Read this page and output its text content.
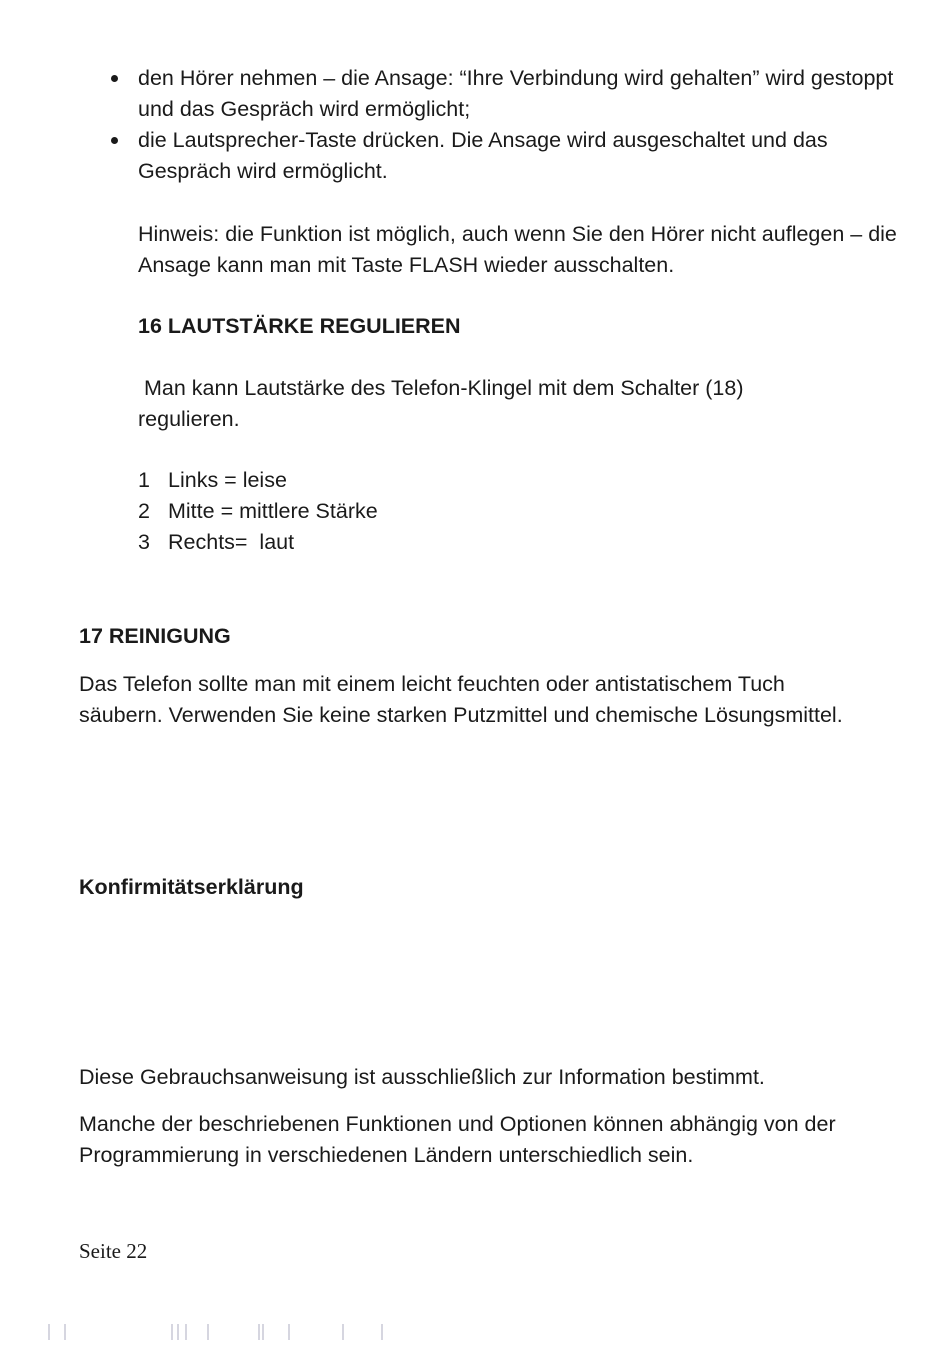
den Hörer nehmen – die Ansage: “Ihre Verbindung wird gehalten” wird gestoppt und das Gespräch wird ermöglicht;
die Lautsprecher-Taste drücken. Die Ansage wird ausgeschaltet und das Gespräch wird ermöglicht.

Hinweis: die Funktion ist möglich, auch wenn Sie den Hörer nicht auflegen – die Ansage kann man mit Taste FLASH wieder ausschalten.

16 LAUTSTÄRKE REGULIEREN

Man kann Lautstärke des Telefon-Klingel mit dem Schalter (18) regulieren.

1 Links = leise
2 Mitte = mittlere Stärke
3 Rechts=  laut

17 REINIGUNG

Das Telefon sollte man mit einem leicht feuchten oder antistatischem Tuch säubern. Verwenden Sie keine starken Putzmittel und chemische Lösungsmittel.

Konfirmitätserklärung

Diese Gebrauchsanweisung ist ausschließlich zur Information bestimmt.

Manche der beschriebenen Funktionen und Optionen können abhängig von der Programmierung in verschiedenen Ländern unterschiedlich sein.

Seite 22
